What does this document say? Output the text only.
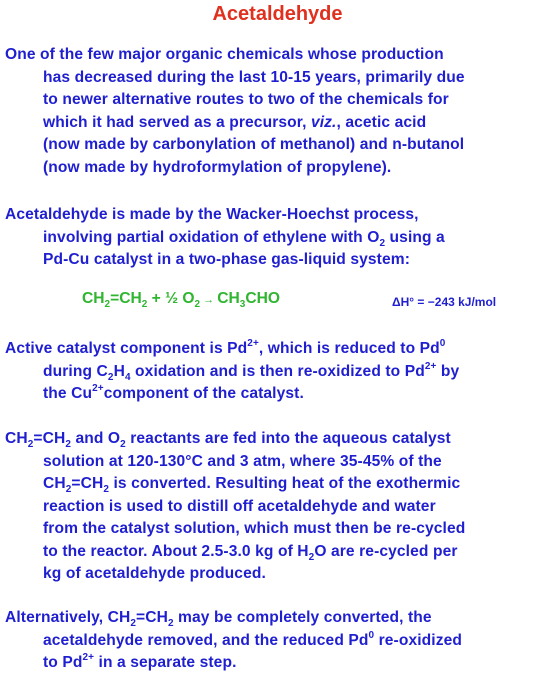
Acetaldehyde
One of the few major organic chemicals whose production
has decreased during the last 10-15 years, primarily due
to newer alternative routes to two of the chemicals for
which it had served as a precursor, viz., acetic acid
(now made by carbonylation of methanol) and n-butanol
(now made by hydroformylation of propylene).
Acetaldehyde is made by the Wacker-Hoechst process,
involving partial oxidation of ethylene with $O_2$ using a
Pd-Cu catalyst in a two-phase gas-liquid system:
$CH_2=CH_2$ + ½ $O_2 \to CH_3CHO$	ΔH° = −243 kJ/mol
Active catalyst component is $Pd^{2+}$, which is reduced to Pd$^0$
during $C_2H_4$ oxidation and is then re-oxidized to $Pd^{2+}$ by
the $Cu^{2+}component$ of the catalyst.
$CH_2=CH_2$ and $O_2$ reactants are fed into the aqueous catalyst
solution at 120-130°C and 3 atm, where 35-45% of the
$CH_2=CH_2$ is converted. Resulting heat of the exothermic
reaction is used to distill off acetaldehyde and water
from the catalyst solution, which must then be re-cycled
to the reactor. About 2.5-3.0 kg of $H_2O$ are re-cycled per
kg of acetaldehyde produced.
Alternatively, $CH_2=CH_2$ may be completely converted, the
acetaldehyde removed, and the reduced Pd$^0$ re-oxidized
to $Pd^{2+}$ in a separate step.
